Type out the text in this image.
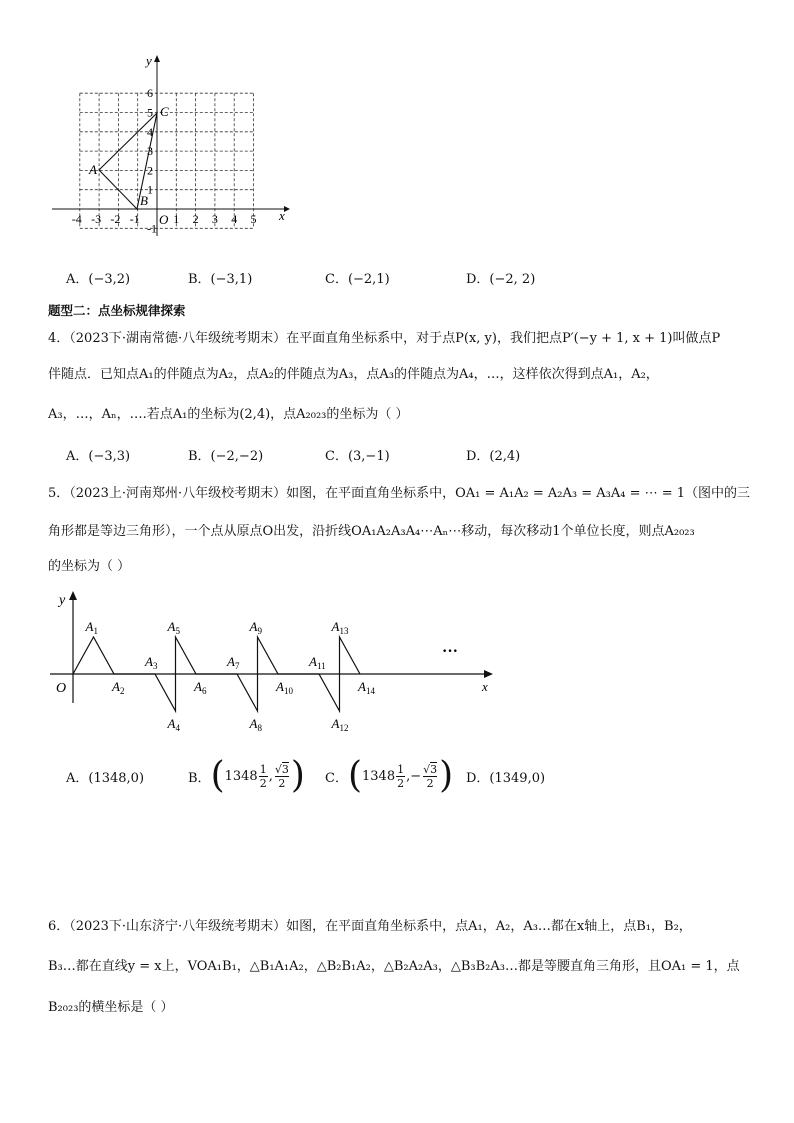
y
x
O
6
5
4
3
2
1
-1
-4 -3 -2 -1	1 2 3 4 5
A
B
C
A．(−3,2)	B．(−3,1)	C．(−2,1)	D．(−2, 2)
题型二：点坐标规律探索
4．（2023下·湖南常德·八年级统考期末）在平面直角坐标系中，对于点P(x, y)，我们把点P′(−y + 1, x + 1)叫做点P
伴随点．已知点A₁的伴随点为A₂，点A₂的伴随点为A₃，点A₃的伴随点为A₄，…，这样依次得到点A₁，A₂，
A₃，…，Aₙ，….若点A₁的坐标为(2,4)，点A₂₀₂₃的坐标为（ ）
A．(−3,3)	B．(−2,−2)	C．(3,−1)	D．(2,4)
5．（2023上·河南郑州·八年级校考期末）如图，在平面直角坐标系中，OA₁ = A₁A₂ = A₂A₃ = A₃A₄ = ⋯ = 1（图中的三
角形都是等边三角形），一个点从原点O出发，沿折线OA₁A₂A₃A₄⋯Aₙ⋯移动，每次移动1个单位长度，则点A₂₀₂₃
的坐标为（ ）
$A_1$
$A_2$
$A_3$
$A_4$
$A_5$
$A_6$
$A_7$
$A_8$
$A_9$
$A_{10}$
$A_{11}$
$A_{12}$
$A_{13}$
$A_{14}$
y
x
O
···
A．(1348,0)	B． ( $1348 \frac{1}{2}$ , √3
2 ) C． ( $1348 \frac{1}{2}$ ,− $\frac{√3}{2}$ ) D．(1349,0)
6．（2023下·山东济宁·八年级统考期末）如图，在平面直角坐标系中，点A₁，A₂，A₃…都在x轴上，点B₁，B₂，
B₃…都在直线y = x上，VOA₁B₁，△B₁A₁A₂，△B₂B₁A₂，△B₂A₂A₃，△B₃B₂A₃…都是等腰直角三角形，且OA₁ = 1，点
B₂₀₂₃的横坐标是（ ）
